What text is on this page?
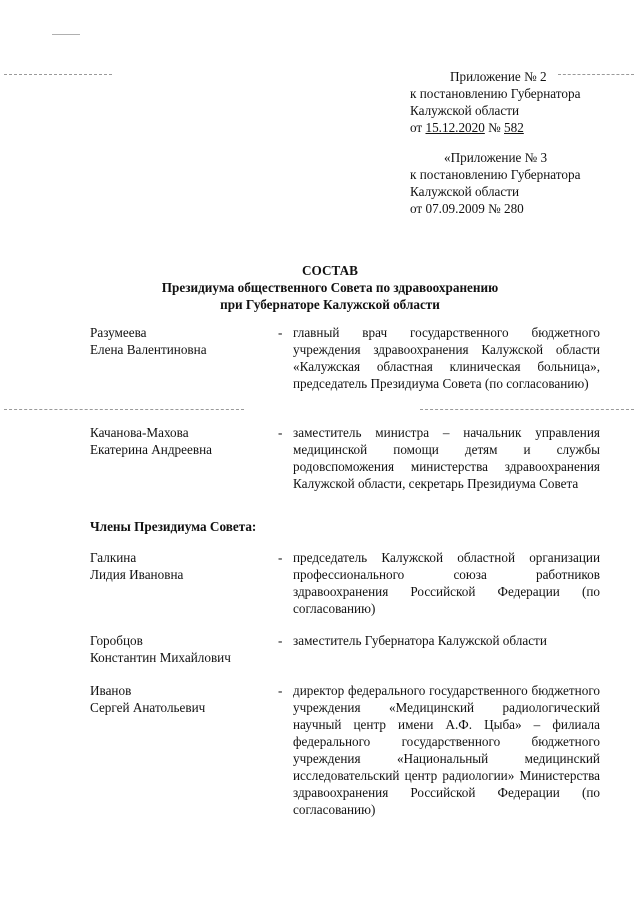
Приложение № 2
к постановлению Губернатора
Калужской области
от 15.12.2020 № 582
«Приложение № 3
к постановлению Губернатора
Калужской области
от 07.09.2009 № 280
СОСТАВ
Президиума общественного Совета по здравоохранению
при Губернаторе Калужской области
Разумеева
Елена Валентиновна
- главный врач государственного бюджетного учреждения здравоохранения Калужской области «Калужская областная клиническая больница», председатель Президиума Совета (по согласованию)
Качанова-Махова
Екатерина Андреевна
- заместитель министра – начальник управления медицинской помощи детям и службы родовспоможения министерства здравоохранения Калужской области, секретарь Президиума Совета
Члены Президиума Совета:
Галкина
Лидия Ивановна
- председатель Калужской областной организации профессионального союза работников здравоохранения Российской Федерации (по согласованию)
Горобцов
Константин Михайлович
- заместитель Губернатора Калужской области
Иванов
Сергей Анатольевич
- директор федерального государственного бюджетного учреждения «Медицинский радиологический научный центр имени А.Ф. Цыба» – филиала федерального государственного бюджетного учреждения «Национальный медицинский исследовательский центр радиологии» Министерства здравоохранения Российской Федерации (по согласованию)
